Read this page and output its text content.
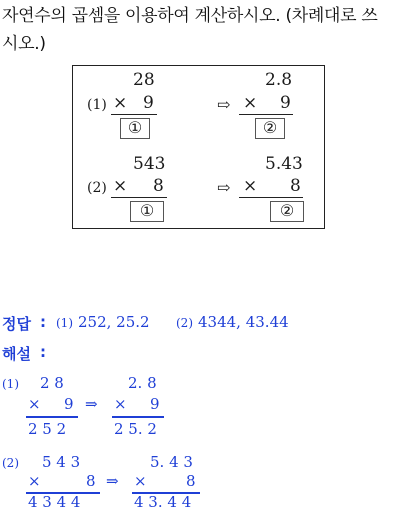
자연수의 곱셈을 이용하여 계산하시오. (차례대로 쓰
시오.)
28
(1) × 9
①
⇨
2.8
× 9
②
543
(2) × 8
①
⇨
5.43
× 8
②
정답 : (1) 252, 25.2 (2) 4344, 43.44
해설 :
(1) 2 8
× 9
2 5 2
⇒
2. 8
× 9
2 5. 2
(2) 5 4 3
×	8
4 3 4 4
⇒
5. 4 3
×	8
4 3. 4 4
